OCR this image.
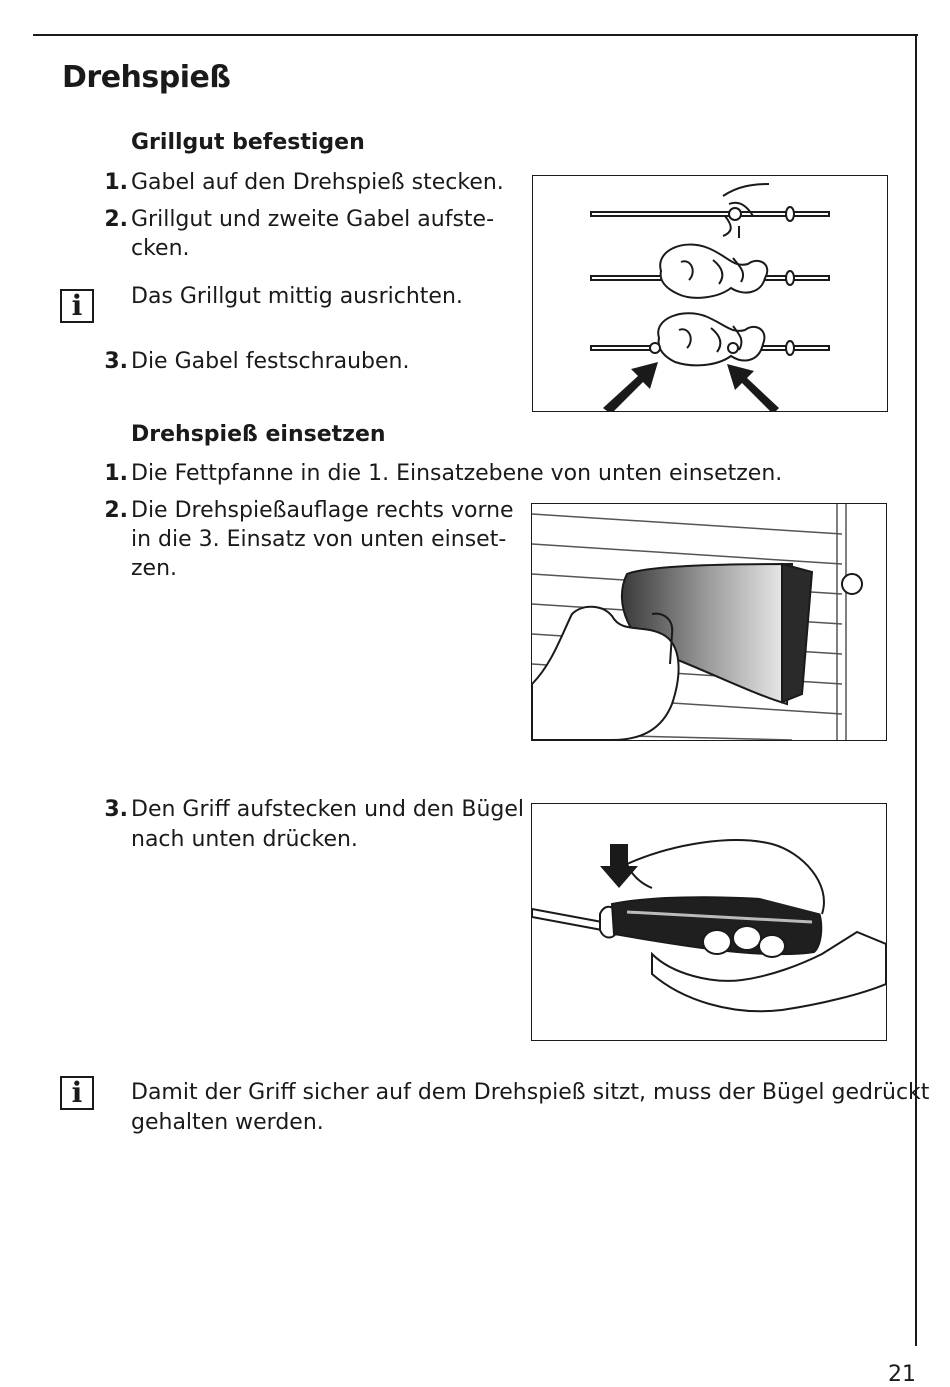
Drehspieß
Grillgut befestigen
1. Gabel auf den Drehspieß stecken.
2. Grillgut und zweite Gabel aufste-
cken.
i	Das Grillgut mittig ausrichten.
3. Die Gabel festschrauben.
Drehspieß einsetzen
1. Die Fettpfanne in die 1. Einsatzebene von unten einsetzen.
2. Die Drehspießauflage rechts vorne
in die 3. Einsatz von unten einset-
zen.
3. Den Griff aufstecken und den Bügel
nach unten drücken.
i	Damit der Griff sicher auf dem Drehspieß sitzt, muss der Bügel gedrückt
gehalten werden.
21
